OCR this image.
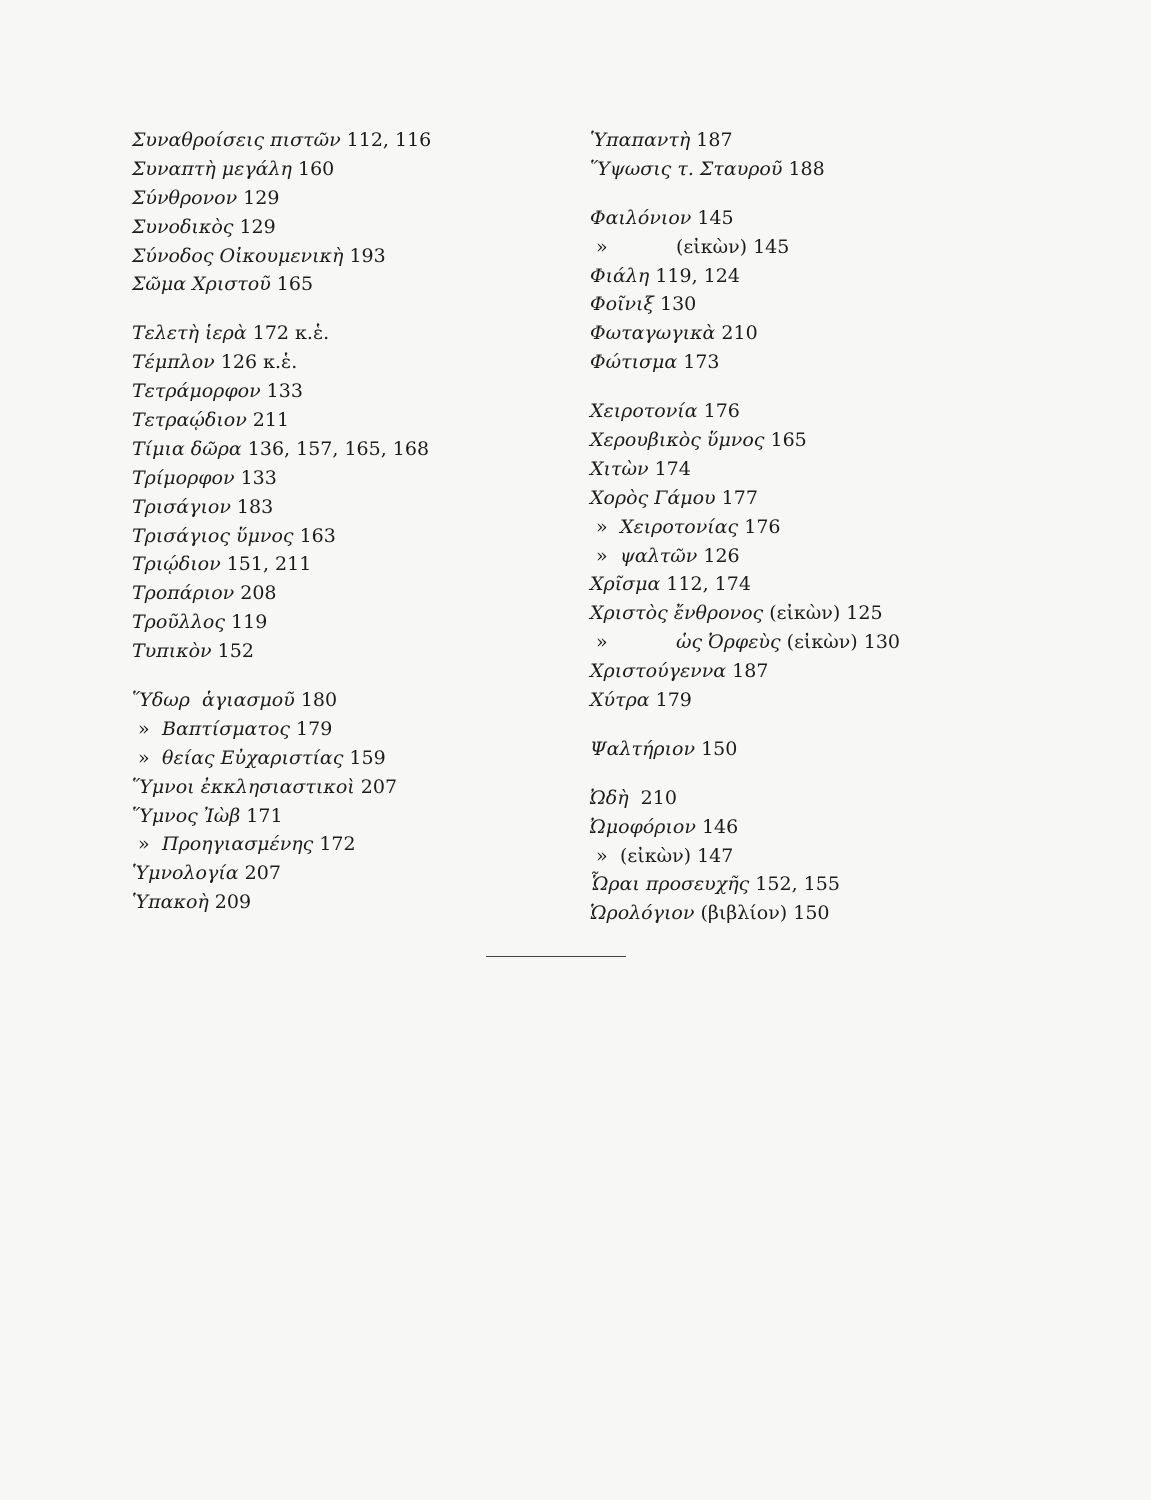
Συναθροίσεις πιστῶν 112, 116
Συναπτὴ μεγάλη 160
Σύνθρονον 129
Συνοδικὸς 129
Σύνοδος Οἰκουμενικὴ 193
Σῶμα Χριστοῦ 165
Τελετὴ ἱερὰ 172 κ.ἑ.
Τέμπλον 126 κ.ἑ.
Τετράμορφον 133
Τετραῴδιον 211
Τίμια δῶρα 136, 157, 165, 168
Τρίμορφον 133
Τρισάγιον 183
Τρισάγιος ὕμνος 163
Τριῴδιον 151, 211
Τροπάριον 208
Τροῦλλος 119
Τυπικὸν 152
Ὕδωρ  ἁγιασμοῦ 180
» Βαπτίσματος 179
» θείας Εὐχαριστίας 159
Ὕμνοι ἐκκλησιαστικοὶ 207
Ὕμνος Ἰὼβ 171
» Προηγιασμένης 172
Ὑμνολογία 207
Ὑπακοὴ 209
Ὑπαπαντὴ 187
Ὕψωσις τ. Σταυροῦ 188
Φαιλόνιον 145
»	(εἰκὼν) 145
Φιάλη 119, 124
Φοῖνιξ 130
Φωταγωγικὰ 210
Φώτισμα 173
Χειροτονία 176
Χερουβικὸς ὕμνος 165
Χιτὼν 174
Χορὸς Γάμου 177
» Χειροτονίας 176
» ψαλτῶν 126
Χρῖσμα 112, 174
Χριστὸς ἔνθρονος (εἰκὼν) 125
»	ὡς Ὀρφεὺς (εἰκὼν) 130
Χριστούγεννα 187
Χύτρα 179
Ψαλτήριον 150
Ὠδὴ  210
Ὠμοφόριον 146
» (εἰκὼν) 147
Ὧραι προσευχῆς 152, 155
Ὡρολόγιον (βιβλίον) 150
